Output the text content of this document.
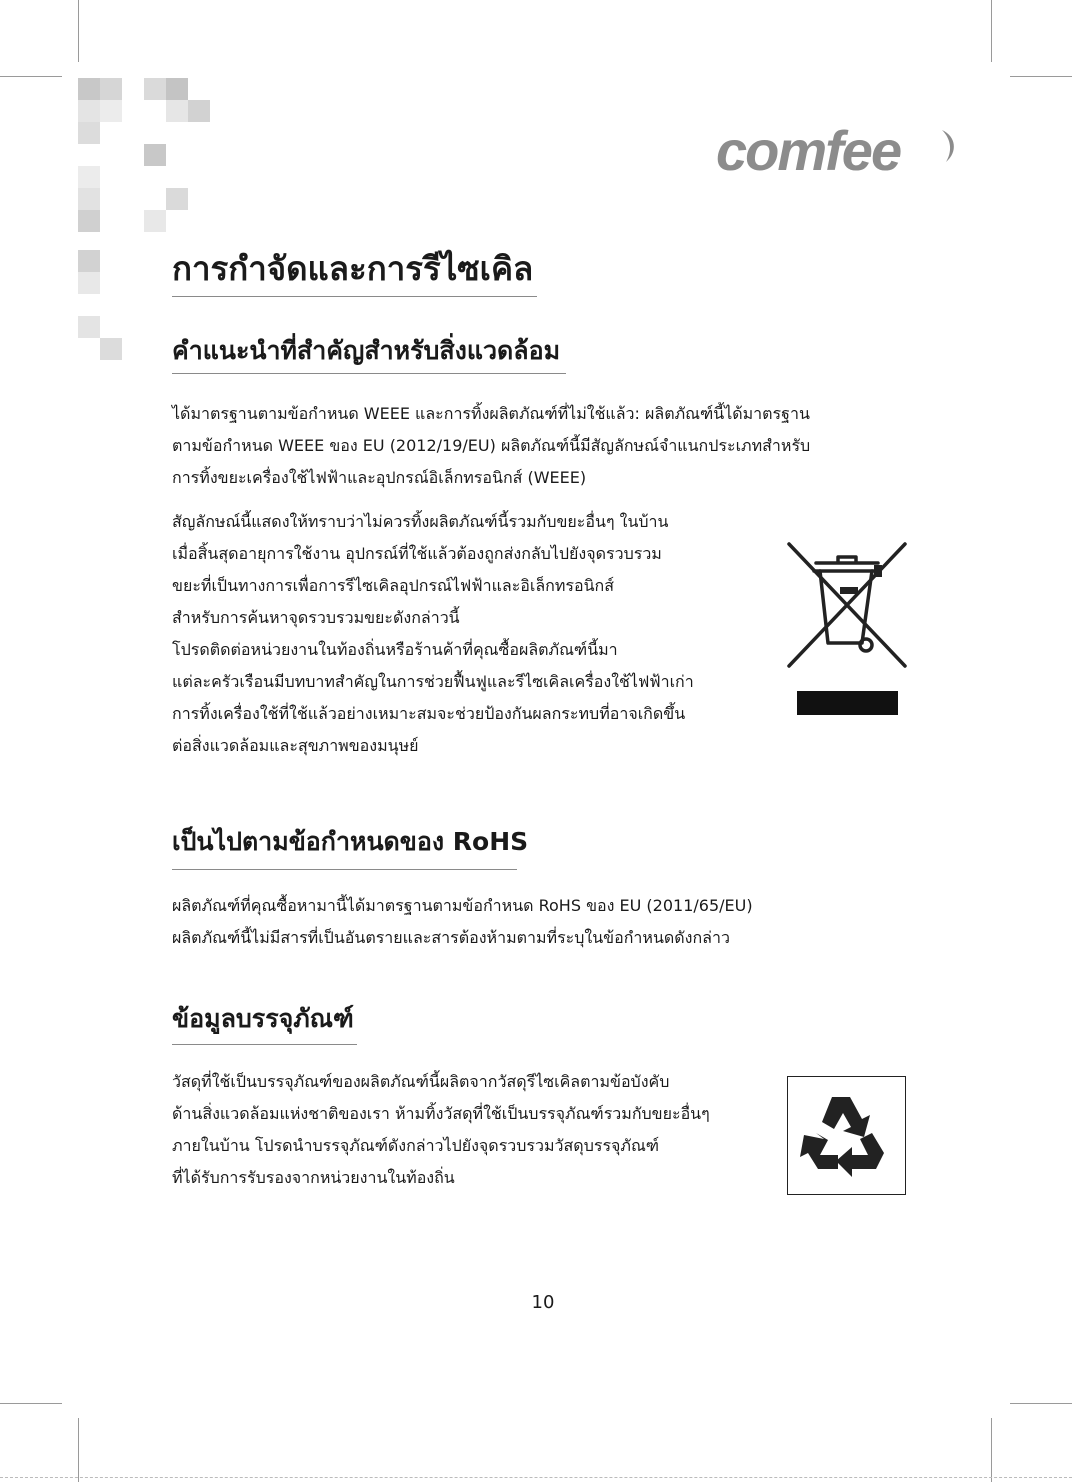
comfee
การกำจัดและการรีไซเคิล
คำแนะนำที่สำคัญสำหรับสิ่งแวดล้อม

ได้มาตรฐานตามข้อกำหนด WEEE และการทิ้งผลิตภัณฑ์ที่ไม่ใช้แล้ว: ผลิตภัณฑ์นี้ได้มาตรฐาน
ตามข้อกำหนด WEEE ของ EU (2012/19/EU) ผลิตภัณฑ์นี้มีสัญลักษณ์จำแนกประเภทสำหรับ
การทิ้งขยะเครื่องใช้ไฟฟ้าและอุปกรณ์อิเล็กทรอนิกส์ (WEEE)

สัญลักษณ์นี้แสดงให้ทราบว่าไม่ควรทิ้งผลิตภัณฑ์นี้รวมกับขยะอื่นๆ ในบ้าน
เมื่อสิ้นสุดอายุการใช้งาน อุปกรณ์ที่ใช้แล้วต้องถูกส่งกลับไปยังจุดรวบรวม
ขยะที่เป็นทางการเพื่อการรีไซเคิลอุปกรณ์ไฟฟ้าและอิเล็กทรอนิกส์
สำหรับการค้นหาจุดรวบรวมขยะดังกล่าวนี้
โปรดติดต่อหน่วยงานในท้องถิ่นหรือร้านค้าที่คุณซื้อผลิตภัณฑ์นี้มา
แต่ละครัวเรือนมีบทบาทสำคัญในการช่วยฟื้นฟูและรีไซเคิลเครื่องใช้ไฟฟ้าเก่า
การทิ้งเครื่องใช้ที่ใช้แล้วอย่างเหมาะสมจะช่วยป้องกันผลกระทบที่อาจเกิดขึ้น
ต่อสิ่งแวดล้อมและสุขภาพของมนุษย์

เป็นไปตามข้อกำหนดของ RoHS

ผลิตภัณฑ์ที่คุณซื้อหามานี้ได้มาตรฐานตามข้อกำหนด RoHS ของ EU (2011/65/EU)
ผลิตภัณฑ์นี้ไม่มีสารที่เป็นอันตรายและสารต้องห้ามตามที่ระบุในข้อกำหนดดังกล่าว

ข้อมูลบรรจุภัณฑ์

วัสดุที่ใช้เป็นบรรจุภัณฑ์ของผลิตภัณฑ์นี้ผลิตจากวัสดุรีไซเคิลตามข้อบังคับ
ด้านสิ่งแวดล้อมแห่งชาติของเรา ห้ามทิ้งวัสดุที่ใช้เป็นบรรจุภัณฑ์รวมกับขยะอื่นๆ
ภายในบ้าน โปรดนำบรรจุภัณฑ์ดังกล่าวไปยังจุดรวบรวมวัสดุบรรจุภัณฑ์
ที่ได้รับการรับรองจากหน่วยงานในท้องถิ่น

10
